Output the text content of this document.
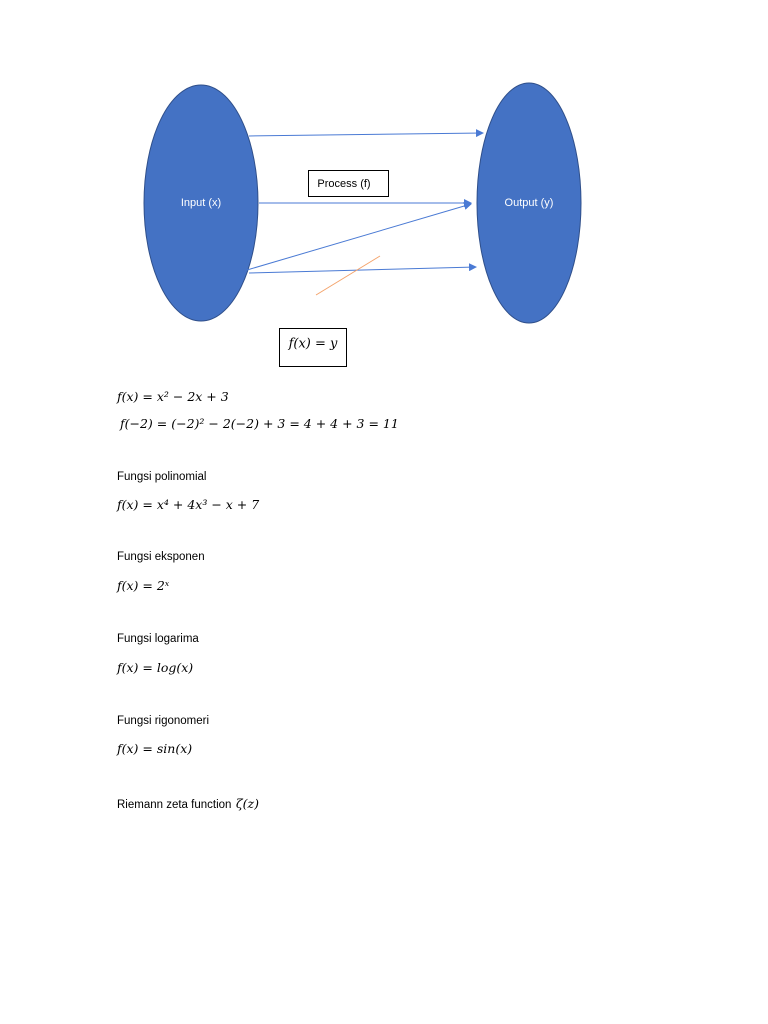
Input (x)	Output (y)
Process (f)
f(x) = y
f(x) = x² − 2x + 3
f(−2) = (−2)² − 2(−2) + 3 = 4 + 4 + 3 = 11
Fungsi polinomial
f(x) = x⁴ + 4x³ − x + 7
Fungsi eksponen
f(x) = 2ˣ
Fungsi logarima
f(x) = log(x)
Fungsi rigonomeri
f(x) = sin(x)
Riemann zeta function ζ(z)
